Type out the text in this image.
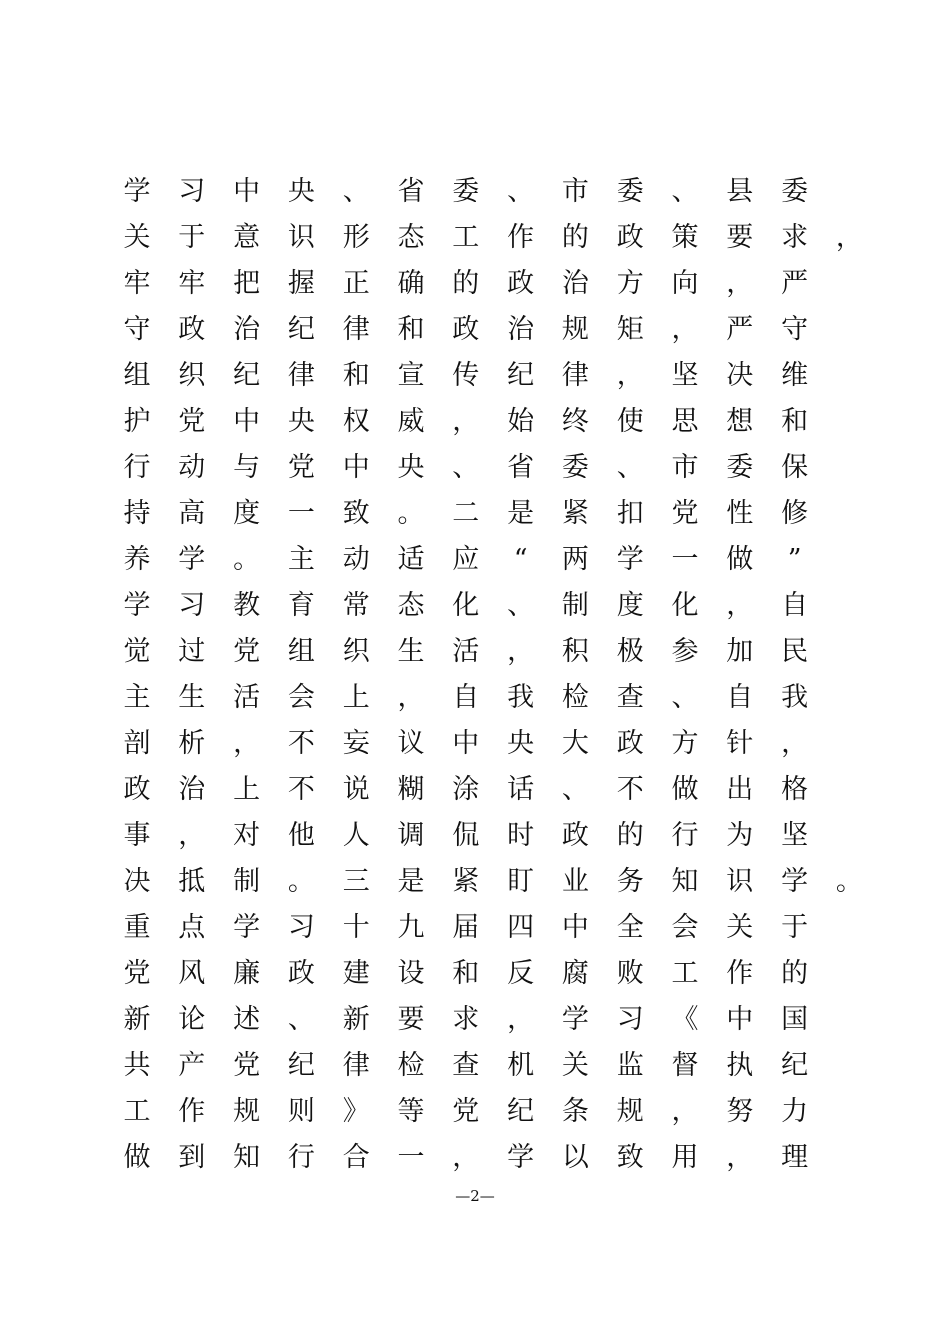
学 习 中 央 、 省 委 、 市 委 、 县 委
关 于 意 识 形 态 工 作 的 政 策 要 求 ，
牢 牢 把 握 正 确 的 政 治 方 向 ， 严
守 政 治 纪 律 和 政 治 规 矩 ， 严 守
组 织 纪 律 和 宣 传 纪 律 ， 坚 决 维
护 党 中 央 权 威 ， 始 终 使 思 想 和
行 动 与 党 中 央 、 省 委 、 市 委 保
持 高 度 一 致 。 二 是 紧 扣 党 性 修
养 学 。 主 动 适 应	“	两 学 一 做	”
学 习 教 育 常 态 化 、 制 度 化 ， 自
觉 过 党 组 织 生 活 ， 积 极 参 加 民
主 生 活 会 上 ， 自 我 检 查 、 自 我
剖 析 ， 不 妄 议 中 央 大 政 方 针 ，
政 治 上 不 说 糊 涂 话 、 不 做 出 格
事 ， 对 他 人 调 侃 时 政 的 行 为 坚
决 抵 制 。 三 是 紧 盯 业 务 知 识 学 。
重 点 学 习 十 九 届 四 中 全 会 关 于
党 风 廉 政 建 设 和 反 腐 败 工 作 的
新 论 述 、 新 要 求 ， 学 习 《 中 国
共 产 党 纪 律 检 查 机 关 监 督 执 纪
工 作 规 则 》 等 党 纪 条 规 ， 努 力
做 到 知 行 合 一 ， 学 以 致 用 ， 理
—2—
